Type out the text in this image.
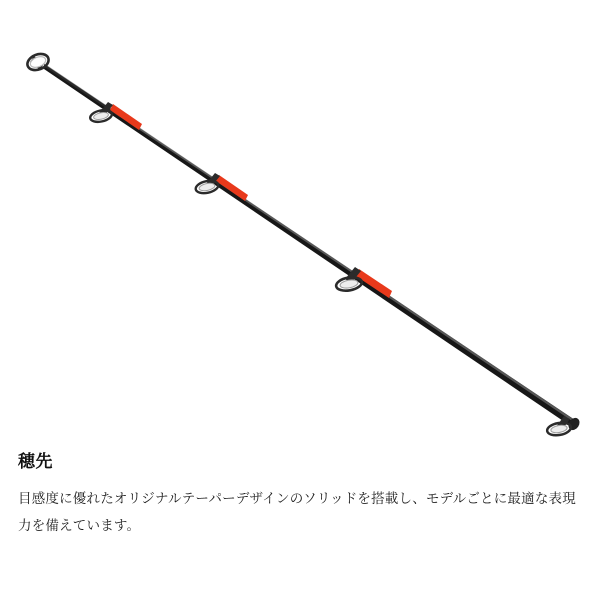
穂先

目感度に優れたオリジナルテーパーデザインのソリッドを搭載し、モデルごとに最適な表現力を備えています。
